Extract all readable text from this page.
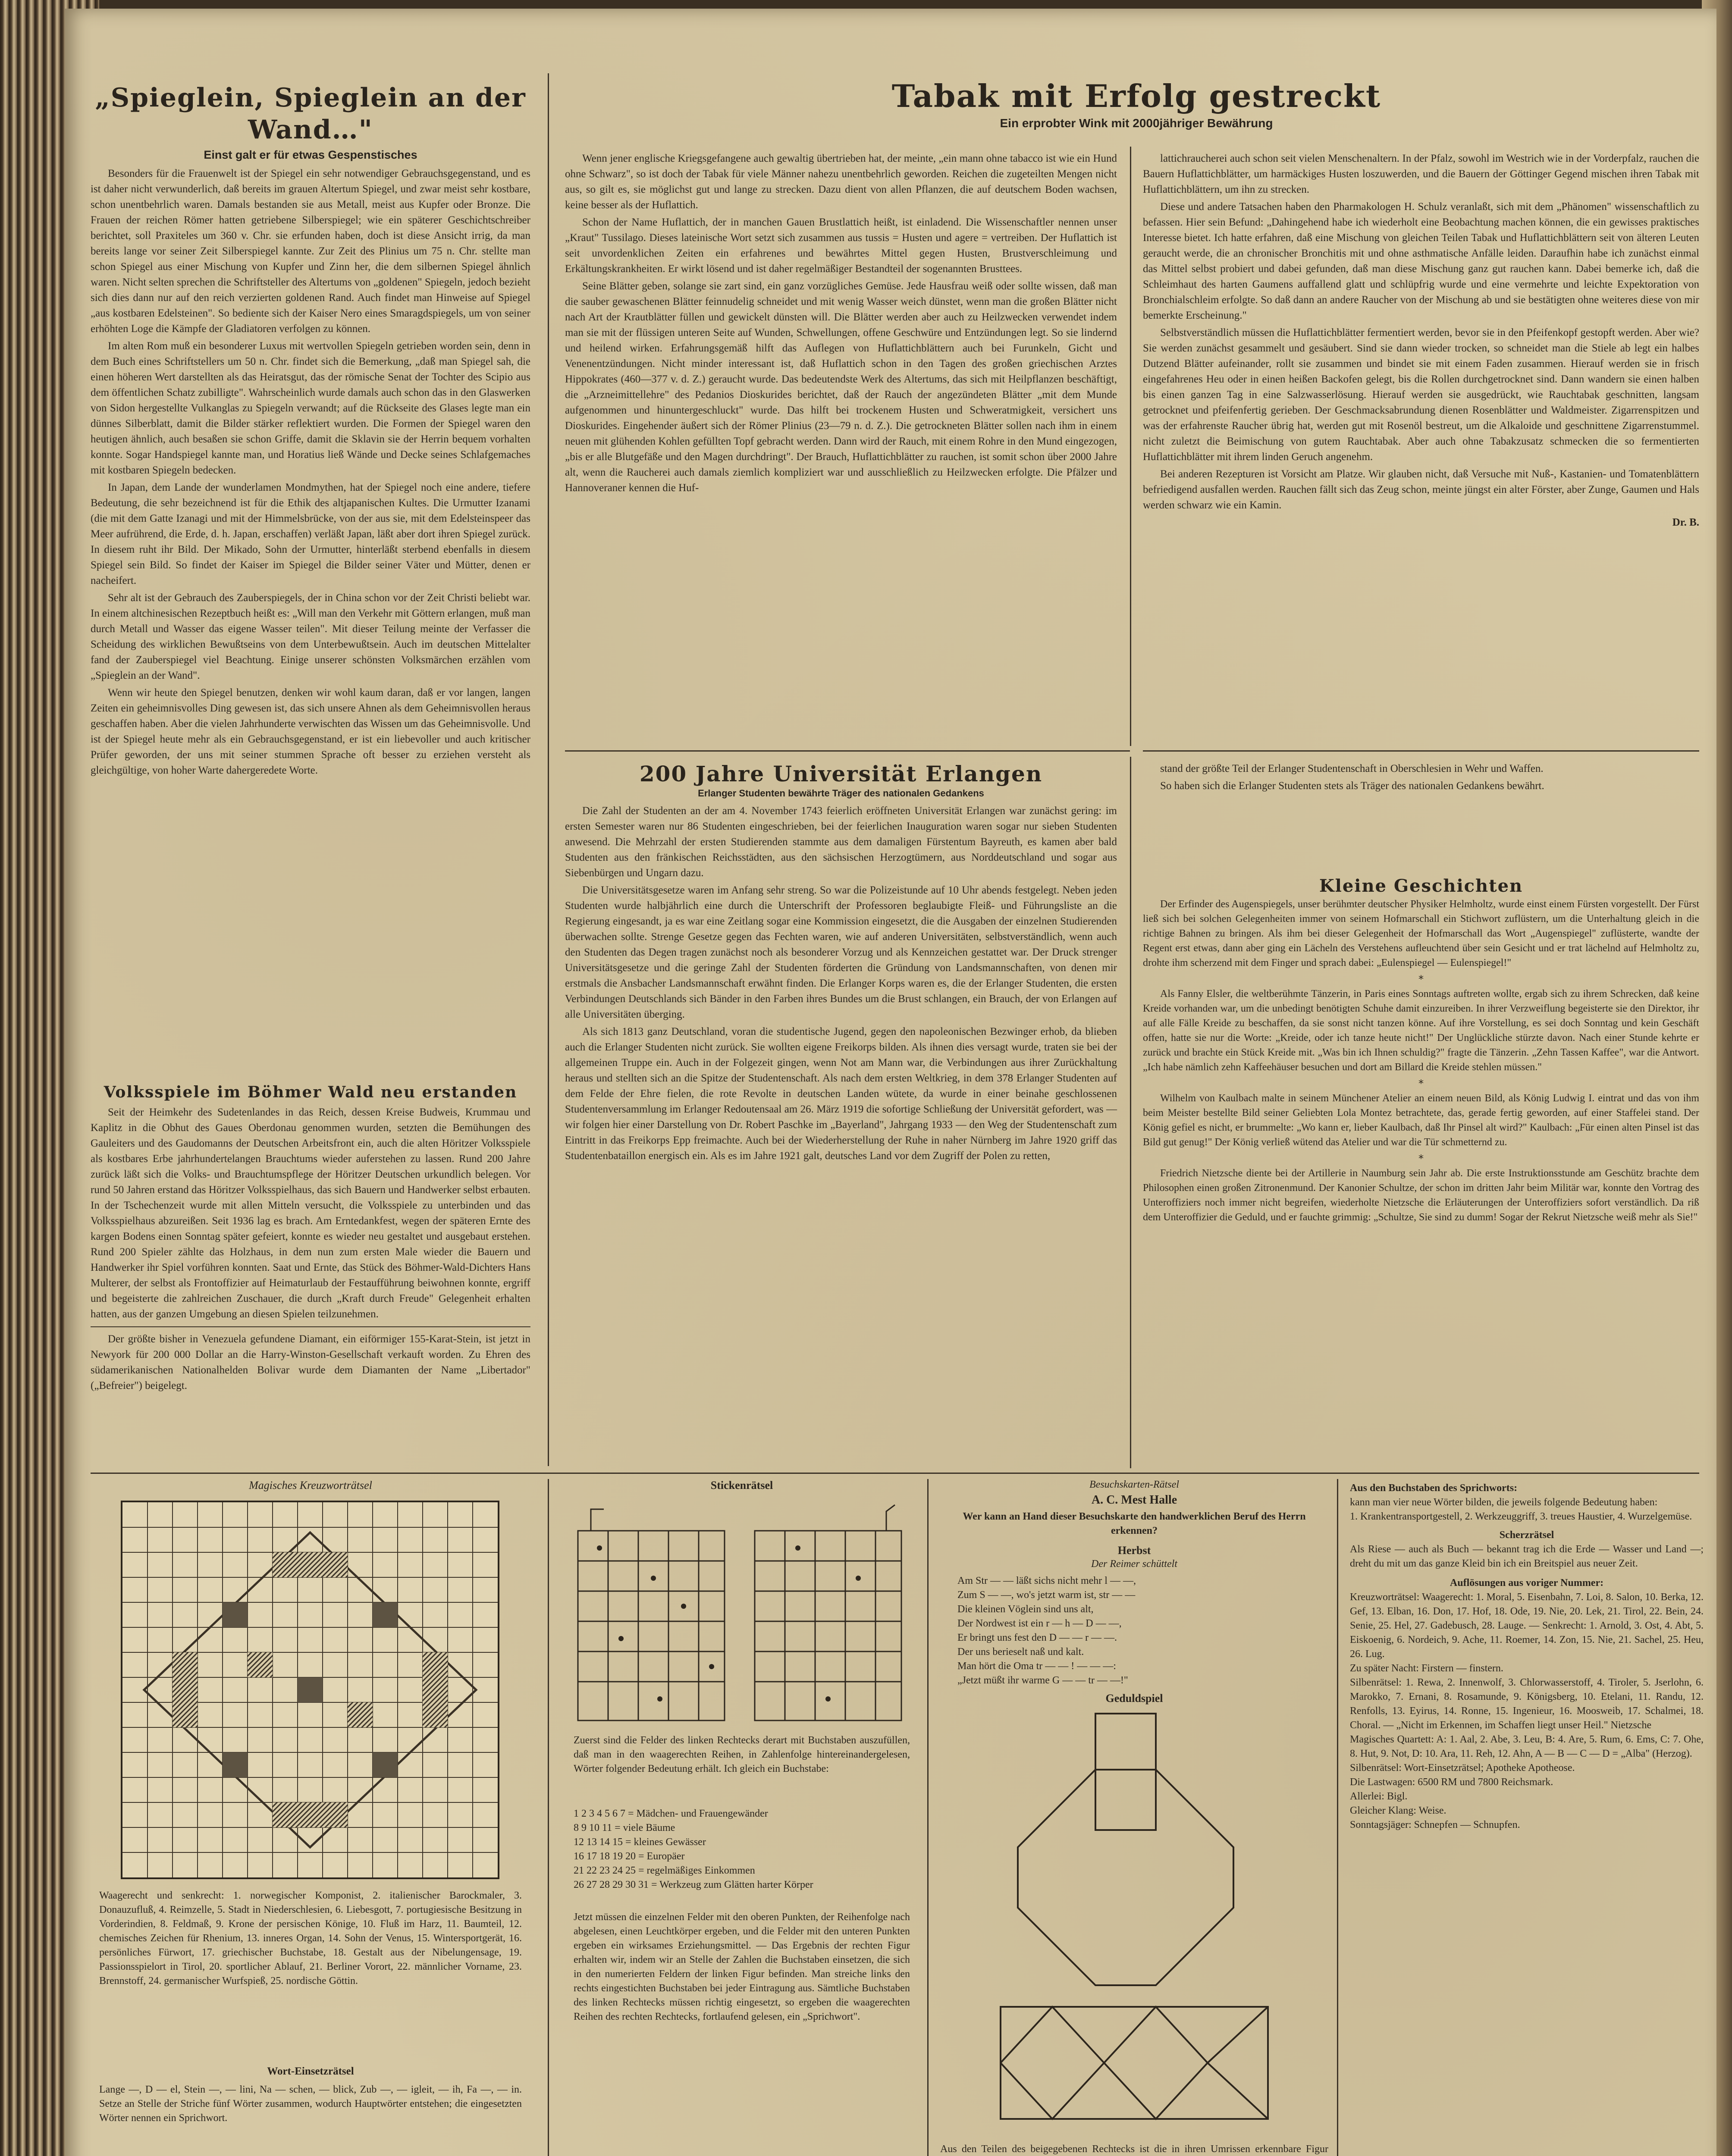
„Spieglein, Spieglein an der Wand…"
Einst galt er für etwas Gespenstisches

Besonders für die Frauenwelt ist der Spiegel ein sehr notwendiger Gebrauchsgegenstand, und es ist daher nicht verwunderlich, daß bereits im grauen Altertum Spiegel, und zwar meist sehr kostbare, schon unentbehrlich waren. Damals bestanden sie aus Metall, meist aus Kupfer oder Bronze. Die Frauen der reichen Römer hatten getriebene Silberspiegel; wie ein späterer Geschichtschreiber berichtet, soll Praxiteles um 360 v. Chr. sie erfunden haben, doch ist diese Ansicht irrig, da man bereits lange vor seiner Zeit Silberspiegel kannte. Zur Zeit des Plinius um 75 n. Chr. stellte man schon Spiegel aus einer Mischung von Kupfer und Zinn her, die dem silbernen Spiegel ähnlich waren. Nicht selten sprechen die Schriftsteller des Altertums von „goldenen" Spiegeln, jedoch bezieht sich dies dann nur auf den reich verzierten goldenen Rand. Auch findet man Hinweise auf Spiegel „aus kostbaren Edelsteinen". So bediente sich der Kaiser Nero eines Smaragdspiegels, um von seiner erhöhten Loge die Kämpfe der Gladiatoren verfolgen zu können.

Im alten Rom muß ein besonderer Luxus mit wertvollen Spiegeln getrieben worden sein, denn in dem Buch eines Schriftstellers um 50 n. Chr. findet sich die Bemerkung, „daß man Spiegel sah, die einen höheren Wert darstellten als das Heiratsgut, das der römische Senat der Tochter des Scipio aus dem öffentlichen Schatz zubilligte". Wahrscheinlich wurde damals auch schon das in den Glaswerken von Sidon hergestellte Vulkanglas zu Spiegeln verwandt; auf die Rückseite des Glases legte man ein dünnes Silberblatt, damit die Bilder stärker reflektiert wurden. Die Formen der Spiegel waren den heutigen ähnlich, auch besaßen sie schon Griffe, damit die Sklavin sie der Herrin bequem vorhalten konnte. Sogar Handspiegel kannte man, und Horatius ließ Wände und Decke seines Schlafgemaches mit kostbaren Spiegeln bedecken.

In Japan, dem Lande der wunderlamen Mondmythen, hat der Spiegel noch eine andere, tiefere Bedeutung, die sehr bezeichnend ist für die Ethik des altjapanischen Kultes. Die Urmutter Izanami (die mit dem Gatte Izanagi und mit der Himmelsbrücke, von der aus sie, mit dem Edelsteinspeer das Meer aufrührend, die Erde, d. h. Japan, erschaffen) verläßt Japan, läßt aber dort ihren Spiegel zurück. In diesem ruht ihr Bild. Der Mikado, Sohn der Urmutter, hinterläßt sterbend ebenfalls in diesem Spiegel sein Bild. So findet der Kaiser im Spiegel die Bilder seiner Väter und Mütter, denen er nacheifert.

Sehr alt ist der Gebrauch des Zauberspiegels, der in China schon vor der Zeit Christi beliebt war. In einem altchinesischen Rezeptbuch heißt es: „Will man den Verkehr mit Göttern erlangen, muß man durch Metall und Wasser das eigene Wasser teilen". Mit dieser Teilung meinte der Verfasser die Scheidung des wirklichen Bewußtseins von dem Unterbewußtsein. Auch im deutschen Mittelalter fand der Zauberspiegel viel Beachtung. Einige unserer schönsten Volksmärchen erzählen vom „Spieglein an der Wand".

Wenn wir heute den Spiegel benutzen, denken wir wohl kaum daran, daß er vor langen, langen Zeiten ein geheimnisvolles Ding gewesen ist, das sich unsere Ahnen als dem Geheimnisvollen heraus geschaffen haben. Aber die vielen Jahrhunderte verwischten das Wissen um das Geheimnisvolle. Und ist der Spiegel heute mehr als ein Gebrauchsgegenstand, er ist ein liebevoller und auch kritischer Prüfer geworden, der uns mit seiner stummen Sprache oft besser zu erziehen versteht als gleichgültige, von hoher Warte dahergeredete Worte.

Volksspiele im Böhmer Wald neu erstanden

Seit der Heimkehr des Sudetenlandes in das Reich, dessen Kreise Budweis, Krummau und Kaplitz in die Obhut des Gaues Oberdonau genommen wurden, setzten die Bemühungen des Gauleiters und des Gaudomanns der Deutschen Arbeitsfront ein, auch die alten Höritzer Volksspiele als kostbares Erbe jahrhundertelangen Brauchtums wieder auferstehen zu lassen. Rund 200 Jahre zurück läßt sich die Volks- und Brauchtumspflege der Höritzer Deutschen urkundlich belegen. Vor rund 50 Jahren erstand das Höritzer Volksspielhaus, das sich Bauern und Handwerker selbst erbauten. In der Tschechenzeit wurde mit allen Mitteln versucht, die Volksspiele zu unterbinden und das Volksspielhaus abzureißen. Seit 1936 lag es brach. Am Erntedankfest, wegen der späteren Ernte des kargen Bodens einen Sonntag später gefeiert, konnte es wieder neu gestaltet und ausgebaut erstehen. Rund 200 Spieler zählte das Holzhaus, in dem nun zum ersten Male wieder die Bauern und Handwerker ihr Spiel vorführen konnten. Saat und Ernte, das Stück des Böhmer-Wald-Dichters Hans Multerer, der selbst als Frontoffizier auf Heimaturlaub der Festaufführung beiwohnen konnte, ergriff und begeisterte die zahlreichen Zuschauer, die durch „Kraft durch Freude" Gelegenheit erhalten hatten, aus der ganzen Umgebung an diesen Spielen teilzunehmen.

Der größte bisher in Venezuela gefundene Diamant, ein eiförmiger 155-Karat-Stein, ist jetzt in Newyork für 200 000 Dollar an die Harry-Winston-Gesellschaft verkauft worden. Zu Ehren des südamerikanischen Nationalhelden Bolivar wurde dem Diamanten der Name „Libertador" („Befreier") beigelegt.

Tabak mit Erfolg gestreckt
Ein erprobter Wink mit 2000jähriger Bewährung

Wenn jener englische Kriegsgefangene auch gewaltig übertrieben hat, der meinte, „ein mann ohne tabacco ist wie ein Hund ohne Schwarz", so ist doch der Tabak für viele Männer nahezu unentbehrlich geworden. Reichen die zugeteilten Mengen nicht aus, so gilt es, sie möglichst gut und lange zu strecken. Dazu dient von allen Pflanzen, die auf deutschem Boden wachsen, keine besser als der Huflattich.

Schon der Name Huflattich, der in manchen Gauen Brustlattich heißt, ist einladend. Die Wissenschaftler nennen unser „Kraut" Tussilago. Dieses lateinische Wort setzt sich zusammen aus tussis = Husten und agere = vertreiben. Der Huflattich ist seit unvordenklichen Zeiten ein erfahrenes und bewährtes Mittel gegen Husten, Brustverschleimung und Erkältungskrankheiten. Er wirkt lösend und ist daher regelmäßiger Bestandteil der sogenannten Brusttees.

Seine Blätter geben, solange sie zart sind, ein ganz vorzügliches Gemüse. Jede Hausfrau weiß oder sollte wissen, daß man die sauber gewaschenen Blätter feinnudelig schneidet und mit wenig Wasser weich dünstet, wenn man die großen Blätter nicht nach Art der Krautblätter füllen und gewickelt dünsten will. Die Blätter werden aber auch zu Heilzwecken verwendet indem man sie mit der flüssigen unteren Seite auf Wunden, Schwellungen, offene Geschwüre und Entzündungen legt. So sie lindernd und heilend wirken. Erfahrungsgemäß hilft das Auflegen von Huflattichblättern auch bei Furunkeln, Gicht und Venenentzündungen. Nicht minder interessant ist, daß Huflattich schon in den Tagen des großen griechischen Arztes Hippokrates (460—377 v. d. Z.) geraucht wurde. Das bedeutendste Werk des Altertums, das sich mit Heilpflanzen beschäftigt, die „Arzneimittellehre" des Pedanios Dioskurides berichtet, daß der Rauch der angezündeten Blätter „mit dem Munde aufgenommen und hinuntergeschluckt" wurde. Das hilft bei trockenem Husten und Schweratmigkeit, versichert uns Dioskurides. Eingehender äußert sich der Römer Plinius (23—79 n. d. Z.). Die getrockneten Blätter sollen nach ihm in einem neuen mit glühenden Kohlen gefüllten Topf gebracht werden. Dann wird der Rauch, mit einem Rohre in den Mund eingezogen, „bis er alle Blutgefäße und den Magen durchdringt". Der Brauch, Huflattichblätter zu rauchen, ist somit schon über 2000 Jahre alt, wenn die Raucherei auch damals ziemlich kompliziert war und ausschließlich zu Heilzwecken erfolgte. Die Pfälzer und Hannoveraner kennen die Huf-

lattichraucherei auch schon seit vielen Menschenaltern. In der Pfalz, sowohl im Westrich wie in der Vorderpfalz, rauchen die Bauern Huflattichblätter, um harmäckiges Husten loszuwerden, und die Bauern der Göttinger Gegend mischen ihren Tabak mit Huflattichblättern, um ihn zu strecken.

Diese und andere Tatsachen haben den Pharmakologen H. Schulz veranlaßt, sich mit dem „Phänomen" wissenschaftlich zu befassen. Hier sein Befund: „Dahingehend habe ich wiederholt eine Beobachtung machen können, die ein gewisses praktisches Interesse bietet. Ich hatte erfahren, daß eine Mischung von gleichen Teilen Tabak und Huflattichblättern seit von älteren Leuten geraucht werde, die an chronischer Bronchitis mit und ohne asthmatische Anfälle leiden. Daraufhin habe ich zunächst einmal das Mittel selbst probiert und dabei gefunden, daß man diese Mischung ganz gut rauchen kann. Dabei bemerke ich, daß die Schleimhaut des harten Gaumens auffallend glatt und schlüpfrig wurde und eine vermehrte und leichte Expektoration von Bronchialschleim erfolgte. So daß dann an andere Raucher von der Mischung ab und sie bestätigten ohne weiteres diese von mir bemerkte Erscheinung."

Selbstverständlich müssen die Huflattichblätter fermentiert werden, bevor sie in den Pfeifenkopf gestopft werden. Aber wie? Sie werden zunächst gesammelt und gesäubert. Sind sie dann wieder trocken, so schneidet man die Stiele ab legt ein halbes Dutzend Blätter aufeinander, rollt sie zusammen und bindet sie mit einem Faden zusammen. Hierauf werden sie in frisch eingefahrenes Heu oder in einen heißen Backofen gelegt, bis die Rollen durchgetrocknet sind. Dann wandern sie einen halben bis einen ganzen Tag in eine Salzwasserlösung. Hierauf werden sie ausgedrückt, wie Rauchtabak geschnitten, langsam getrocknet und pfeifenfertig gerieben. Der Geschmacksabrundung dienen Rosenblätter und Waldmeister. Zigarrenspitzen und was der erfahrenste Raucher übrig hat, werden gut mit Rosenöl bestreut, um die Alkaloide und geschnittene Zigarrenstummel. nicht zuletzt die Beimischung von gutem Rauchtabak. Aber auch ohne Tabakzusatz schmecken die so fermentierten Huflattichblätter mit ihrem linden Geruch angenehm.

Bei anderen Rezepturen ist Vorsicht am Platze. Wir glauben nicht, daß Versuche mit Nuß-, Kastanien- und Tomatenblättern befriedigend ausfallen werden. Rauchen fällt sich das Zeug schon, meinte jüngst ein alter Förster, aber Zunge, Gaumen und Hals werden schwarz wie ein Kamin.

Dr. B.
200 Jahre Universität Erlangen
Erlanger Studenten bewährte Träger des nationalen Gedankens

Die Zahl der Studenten an der am 4. November 1743 feierlich eröffneten Universität Erlangen war zunächst gering: im ersten Semester waren nur 86 Studenten eingeschrieben, bei der feierlichen Inauguration waren sogar nur sieben Studenten anwesend. Die Mehrzahl der ersten Studierenden stammte aus dem damaligen Fürstentum Bayreuth, es kamen aber bald Studenten aus den fränkischen Reichsstädten, aus den sächsischen Herzogtümern, aus Norddeutschland und sogar aus Siebenbürgen und Ungarn dazu.

Die Universitätsgesetze waren im Anfang sehr streng. So war die Polizeistunde auf 10 Uhr abends festgelegt. Neben jeden Studenten wurde halbjährlich eine durch die Unterschrift der Professoren beglaubigte Fleiß- und Führungsliste an die Regierung eingesandt, ja es war eine Zeitlang sogar eine Kommission eingesetzt, die die Ausgaben der einzelnen Studierenden überwachen sollte. Strenge Gesetze gegen das Fechten waren, wie auf anderen Universitäten, selbstverständlich, wenn auch den Studenten das Degen tragen zunächst noch als besonderer Vorzug und als Kennzeichen gestattet war. Der Druck strenger Universitätsgesetze und die geringe Zahl der Studenten förderten die Gründung von Landsmannschaften, von denen mir erstmals die Ansbacher Landsmannschaft erwähnt finden. Die Erlanger Korps waren es, die der Erlanger Studenten, die ersten Verbindungen Deutschlands sich Bänder in den Farben ihres Bundes um die Brust schlangen, ein Brauch, der von Erlangen auf alle Universitäten überging.

Als sich 1813 ganz Deutschland, voran die studentische Jugend, gegen den napoleonischen Bezwinger erhob, da blieben auch die Erlanger Studenten nicht zurück. Sie wollten eigene Freikorps bilden. Als ihnen dies versagt wurde, traten sie bei der allgemeinen Truppe ein. Auch in der Folgezeit gingen, wenn Not am Mann war, die Verbindungen aus ihrer Zurückhaltung heraus und stellten sich an die Spitze der Studentenschaft. Als nach dem ersten Weltkrieg, in dem 378 Erlanger Studenten auf dem Felde der Ehre fielen, die rote Revolte in deutschen Landen wütete, da wurde in einer beinahe geschlossenen Studentenversammlung im Erlanger Redoutensaal am 26. März 1919 die sofortige Schließung der Universität gefordert, was — wir folgen hier einer Darstellung von Dr. Robert Paschke im „Bayerland", Jahrgang 1933 — den Weg der Studentenschaft zum Eintritt in das Freikorps Epp freimachte. Auch bei der Wiederherstellung der Ruhe in naher Nürnberg im Jahre 1920 griff das Studentenbataillon energisch ein. Als es im Jahre 1921 galt, deutsches Land vor dem Zugriff der Polen zu retten,

stand der größte Teil der Erlanger Studentenschaft in Oberschlesien in Wehr und Waffen.

So haben sich die Erlanger Studenten stets als Träger des nationalen Gedankens bewährt.

Kleine Geschichten

Der Erfinder des Augenspiegels, unser berühmter deutscher Physiker Helmholtz, wurde einst einem Fürsten vorgestellt. Der Fürst ließ sich bei solchen Gelegenheiten immer von seinem Hofmarschall ein Stichwort zuflüstern, um die Unterhaltung gleich in die richtige Bahnen zu bringen. Als ihm bei dieser Gelegenheit der Hofmarschall das Wort „Augenspiegel" zuflüsterte, wandte der Regent erst etwas, dann aber ging ein Lächeln des Verstehens aufleuchtend über sein Gesicht und er trat lächelnd auf Helmholtz zu, drohte ihm scherzend mit dem Finger und sprach dabei: „Eulenspiegel — Eulenspiegel!"

*

Als Fanny Elsler, die weltberühmte Tänzerin, in Paris eines Sonntags auftreten wollte, ergab sich zu ihrem Schrecken, daß keine Kreide vorhanden war, um die unbedingt benötigten Schuhe damit einzureiben. In ihrer Verzweiflung begeisterte sie den Direktor, ihr auf alle Fälle Kreide zu beschaffen, da sie sonst nicht tanzen könne. Auf ihre Vorstellung, es sei doch Sonntag und kein Geschäft offen, hatte sie nur die Worte: „Kreide, oder ich tanze heute nicht!" Der Unglückliche stürzte davon. Nach einer Stunde kehrte er zurück und brachte ein Stück Kreide mit. „Was bin ich Ihnen schuldig?" fragte die Tänzerin. „Zehn Tassen Kaffee", war die Antwort. „Ich habe nämlich zehn Kaffeehäuser besuchen und dort am Billard die Kreide stehlen müssen."

*

Wilhelm von Kaulbach malte in seinem Münchener Atelier an einem neuen Bild, als König Ludwig I. eintrat und das von ihm beim Meister bestellte Bild seiner Geliebten Lola Montez betrachtete, das, gerade fertig geworden, auf einer Staffelei stand. Der König gefiel es nicht, er brummelte: „Wo kann er, lieber Kaulbach, daß Ihr Pinsel alt wird?" Kaulbach: „Für einen alten Pinsel ist das Bild gut genug!" Der König verließ wütend das Atelier und war die Tür schmetternd zu.

*

Friedrich Nietzsche diente bei der Artillerie in Naumburg sein Jahr ab. Die erste Instruktionsstunde am Geschütz brachte dem Philosophen einen großen Zitronenmund. Der Kanonier Schultze, der schon im dritten Jahr beim Militär war, konnte den Vortrag des Unteroffiziers noch immer nicht begreifen, wiederholte Nietzsche die Erläuterungen der Unteroffiziers sofort verständlich. Da riß dem Unteroffizier die Geduld, und er fauchte grimmig: „Schultze, Sie sind zu dumm! Sogar der Rekrut Nietzsche weiß mehr als Sie!"

Magisches Kreuzworträtsel
Waagerecht und senkrecht: 1. norwegischer Komponist, 2. italienischer Barockmaler, 3. Donauzufluß, 4. Reimzelle, 5. Stadt in Niederschlesien, 6. Liebesgott, 7. portugiesische Besitzung in Vorderindien, 8. Feldmaß, 9. Krone der persischen Könige, 10. Fluß im Harz, 11. Baumteil, 12. chemisches Zeichen für Rhenium, 13. inneres Organ, 14. Sohn der Venus, 15. Wintersportgerät, 16. persönliches Fürwort, 17. griechischer Buchstabe, 18. Gestalt aus der Nibelungensage, 19. Passionsspielort in Tirol, 20. sportlicher Ablauf, 21. Berliner Vorort, 22. männlicher Vorname, 23. Brennstoff, 24. germanischer Wurfspieß, 25. nordische Göttin.
Wort-Einsetzrätsel
Lange —, D — el, Stein —, — lini, Na — schen, — blick, Zub —, — igleit, — ih, Fa —, — in. Setze an Stelle der Striche fünf Wörter zusammen, wodurch Hauptwörter entstehen; die eingesetzten Wörter nennen ein Sprichwort.
Stickenrätsel
Zuerst sind die Felder des linken Rechtecks derart mit Buchstaben auszufüllen, daß man in den waagerechten Reihen, in Zahlenfolge hintereinandergelesen, Wörter folgender Bedeutung erhält. Ich gleich ein Buchstabe:
1 2 3 4 5 6 7 = Mädchen- und Frauengewänder
8 9 10 11 = viele Bäume
12 13 14 15 = kleines Gewässer
16 17 18 19 20 = Europäer
21 22 23 24 25 = regelmäßiges Einkommen
26 27 28 29 30 31 = Werkzeug zum Glätten harter Körper
Jetzt müssen die einzelnen Felder mit den oberen Punkten, der Reihenfolge nach abgelesen, einen Leuchtkörper ergeben, und die Felder mit den unteren Punkten ergeben ein wirksames Erziehungsmittel. — Das Ergebnis der rechten Figur erhalten wir, indem wir an Stelle der Zahlen die Buchstaben einsetzen, die sich in den numerierten Feldern der linken Figur befinden. Man streiche links den rechts eingestichten Buchstaben bei jeder Eintragung aus. Sämtliche Buchstaben des linken Rechtecks müssen richtig eingesetzt, so ergeben die waagerechten Reihen des rechten Rechtecks, fortlaufend gelesen, ein „Sprichwort".
Besuchskarten-Rätsel
A. C. Mest Halle
Wer kann an Hand dieser Besuchskarte den handwerklichen Beruf des Herrn erkennen?
Herbst
Der Reimer schüttelt
Am Str — — läßt sichs nicht mehr l — —,
Zum S — —, wo's jetzt warm ist, str — —
Die kleinen Vöglein sind uns alt,
Der Nordwest ist ein r — h — D — —,
Er bringt uns fest den D — — r — —.
Der uns berieselt naß und kalt.
Man hört die Oma tr — — ! — — —:
„Jetzt müßt ihr warme G — — tr — —!"
Geduldspiel
Aus den Teilen des beigegebenen Rechtecks ist die in ihren Umrissen erkennbare Figur
Aus den Buchstaben des Sprichworts:
kann man vier neue Wörter bilden, die jeweils folgende Bedeutung haben:
1. Krankentransportgestell, 2. Werkzeuggriff, 3. treues Haustier, 4. Wurzelgemüse.
Scherzrätsel
Als Riese — auch als Buch — bekannt trag ich die Erde — Wasser und Land —; dreht du mit um das ganze Kleid bin ich ein Breitspiel aus neuer Zeit.
Auflösungen aus voriger Nummer:
Kreuzworträtsel: Waagerecht: 1. Moral, 5. Eisenbahn, 7. Loi, 8. Salon, 10. Berka, 12. Gef, 13. Elban, 16. Don, 17. Hof, 18. Ode, 19. Nie, 20. Lek, 21. Tirol, 22. Bein, 24. Senie, 25. Hel, 27. Gadebusch, 28. Lauge. — Senkrecht: 1. Arnold, 3. Ost, 4. Abt, 5. Eiskoenig, 6. Nordeich, 9. Ache, 11. Roemer, 14. Zon, 15. Nie, 21. Sachel, 25. Heu, 26. Lug.
Zu später Nacht: Firstern — finstern.
Silbenrätsel: 1. Rewa, 2. Innenwolf, 3. Chlorwasserstoff, 4. Tiroler, 5. Jserlohn, 6. Marokko, 7. Ernani, 8. Rosamunde, 9. Königsberg, 10. Etelani, 11. Randu, 12. Renfolls, 13. Eyirus, 14. Ronne, 15. Ingenieur, 16. Moosweib, 17. Schalmei, 18. Choral. — „Nicht im Erkennen, im Schaffen liegt unser Heil." Nietzsche
Magisches Quartett: A: 1. Aal, 2. Abe, 3. Leu, B: 4. Are, 5. Rum, 6. Ems, C: 7. Ohe, 8. Hut, 9. Not, D: 10. Ara, 11. Reh, 12. Ahn, A — B — C — D = „Alba" (Herzog).
Silbenrätsel: Wort-Einsetzrätsel; Apotheke Apotheose.
Die Lastwagen: 6500 RM und 7800 Reichsmark.
Allerlei: Bigl.
Gleicher Klang: Weise.
Sonntagsjäger: Schnepfen — Schnupfen.
